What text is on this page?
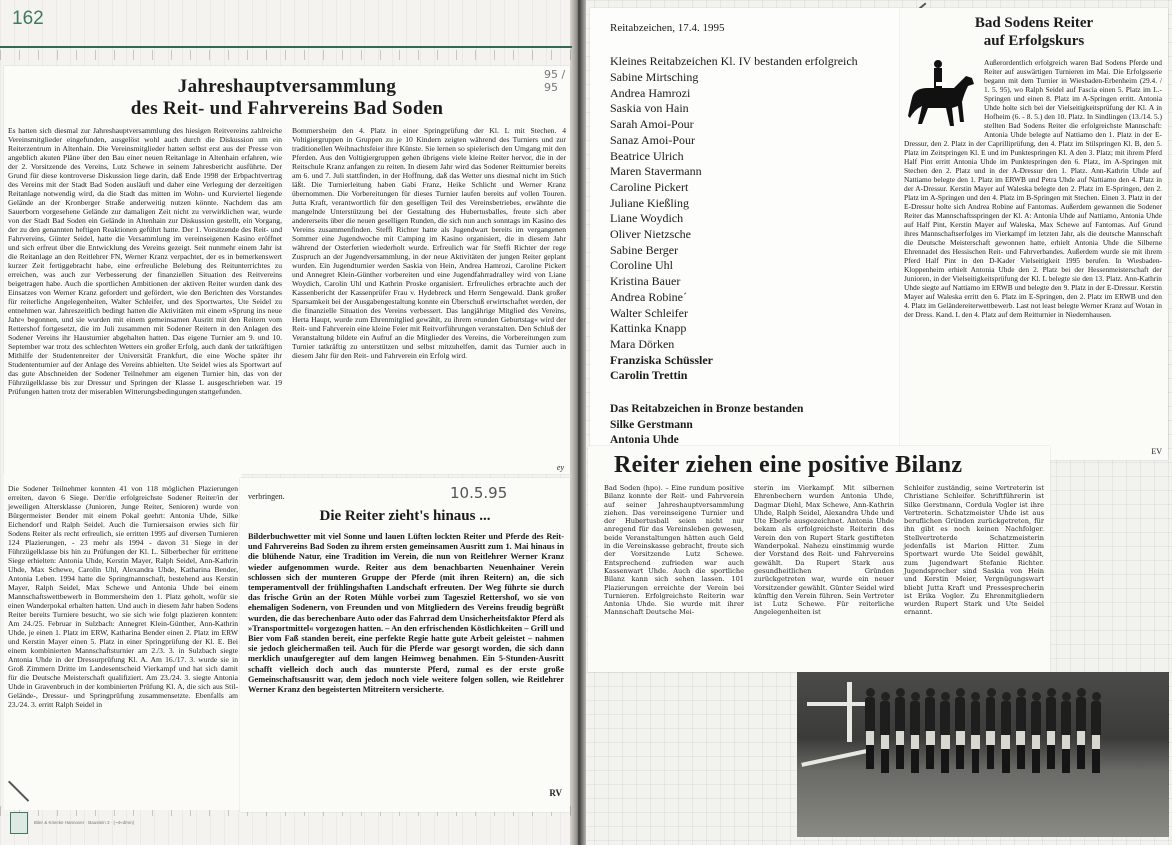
162
Jahreshauptversammlung
des Reit- und Fahrvereins Bad Soden
95 / 95

Es hatten sich diesmal zur Jahreshauptversammlung des hiesigen Reitvereins zahlreiche Vereinsmitglieder eingefunden, ausgelöst wohl auch durch die Diskussion um ein Reiterzentrum in Altenhain. Die Vereinsmitglieder hatten selbst erst aus der Presse von angeblich akuten Pläne über den Bau einer neuen Reitanlage in Altenhain erfahren, wie der 2. Vorsitzende des Vereins, Lutz Schewe in seinem Jahresbericht ausführte. Der Grund für diese kontroverse Diskussion liege darin, daß Ende 1998 der Erbpachtvertrag des Vereins mit der Stadt Bad Soden ausläuft und daher eine Verlegung der derzeitigen Reitanlage notwendig wird, da die Stadt das mitten im Wohn- und Kurviertel liegende Gelände an der Kronberger Straße anderweitig nutzen könnte. Nachdem das am Sauerborn vorgesehene Gelände zur damaligen Zeit nicht zu verwirklichen war, wurde von der Stadt Bad Soden ein Gelände in Altenhain zur Diskussion gestellt, ein Vorgang, der zu den genannten heftigen Reaktionen geführt hatte. Der 1. Vorsitzende des Reit- und Fahrvereins, Günter Seidel, hatte die Versammlung im vereinseigenen Kasino eröffnet und sich erfreut über die Entwicklung des Vereins gezeigt. Seit nunmehr einem Jahr ist die Reitanlage an den Reitlehrer FN, Werner Kranz verpachtet, der es in bemerkenswert kurzer Zeit fertiggebracht habe, eine erfreuliche Belebung des Reitunterrichtes zu erreichen, was auch zur Verbesserung der finanziellen Situation des Reitvereins beigetragen habe. Auch die sportlichen Ambitionen der aktiven Reiter wurden dank des Einsatzes von Werner Kranz gefordert und gefördert, wie den Berichten des Vorstandes für reiterliche Angelegenheiten, Walter Schleifer, und des Sportwartes, Ute Seidel zu entnehmen war. Jahreszeitlich bedingt hatten die Aktivitäten mit einem »Sprung ins neue Jahr« begonnen, und sie wurden mit einem gemeinsamen Ausritt mit den Reitern vom Rettershof fortgesetzt, die im Juli zusammen mit Sodener Reitern in den Anlagen des Sodener Vereins ihr Hausturnier abgehalten hatten. Das eigene Turnier am 9. und 10. September war trotz des schlechten Wetters ein großer Erfolg, auch dank der tatkräftigen Mithilfe der Studentenreiter der Universität Frankfurt, die eine Woche später ihr Studententurnier auf der Anlage des Vereins abhielten. Ute Seidel wies als Sportwart auf das gute Abschneiden der Sodener Teilnehmer am eigenen Turnier hin, das von der Führzügelklasse bis zur Dressur und Springen der Klasse L ausgeschrieben war. 19 Prüfungen hatten trotz der miserablen Witterungsbedingungen stattgefunden.

Bommersheim den 4. Platz in einer Springprüfung der Kl. L mit Stechen. 4 Voltigiergruppen in Gruppen zu je 10 Kindern zeigten während des Turniers und zur traditionellen Weihnachtsfeier ihre Künste. Sie lernen so spielerisch den Umgang mit den Pferden. Aus den Voltigiergruppen gehen übrigens viele kleine Reiter hervor, die in der Reitschule Kranz anfangen zu reiten. In diesem Jahr wird das Sodener Reitturnier bereits am 6. und 7. Juli stattfinden, in der Hoffnung, daß das Wetter uns diesmal nicht im Stich läßt. Die Turnierleitung haben Gabi Franz, Heike Schlicht und Werner Kranz übernommen. Die Vorbereitungen für dieses Turnier laufen bereits auf vollen Touren. Jutta Kraft, verantwortlich für den geselligen Teil des Vereinsbetriebes, erwähnte die mangelnde Unterstützung bei der Gestaltung des Hubertusballes, freute sich aber andererseits über die neuen geselligen Runden, die sich nun auch sonntags im Kasino des Vereins zusammenfinden. Steffi Richter hatte als Jugendwart bereits im vergangenen Sommer eine Jugendwoche mit Camping im Kasino organisiert, die in diesem Jahr während der Osterferien wiederholt wurde. Erfreulich war für Steffi Richter der rege Zuspruch an der Jugendversammlung, in der neue Aktivitäten der jungen Reiter geplant wurden. Ein Jugendturnier werden Saskia von Hein, Andrea Hamrozi, Caroline Pickert und Annegret Klein-Günther vorbereiten und eine Jugendfahrradralley wird von Liane Woydich, Carolin Uhl und Kathrin Proske organisiert. Erfreuliches erbrachte auch der Kassenbericht der Kassenprüfer Frau v. Hydebreck und Herrn Sengewald. Dank großer Sparsamkeit bei der Ausgabengestaltung konnte ein Überschuß erwirtschaftet werden, der die finanzielle Situation des Vereins verbessert. Das langjährige Mitglied des Vereins, Herta Haupt, wurde zum Ehrenmitglied gewählt, zu ihrem »runden Geburtstag« wird der Reit- und Fahrverein eine kleine Feier mit Reitvorführungen veranstalten. Den Schluß der Veranstaltung bildete ein Aufruf an die Mitglieder des Vereins, die Vorbereitungen zum Turnier tatkräftig zu unterstützen und selbst mitzuhelfen, damit das Turnier auch in diesem Jahr für den Reit- und Fahrverein ein Erfolg wird.

ey

Die Sodener Teilnehmer konnten 41 von 118 möglichen Plazierungen erreiten, davon 6 Siege. Der/die erfolgreichste Sodener Reiter/in der jeweiligen Altersklasse (Junioren, Junge Reiter, Senioren) wurde von Bürgermeister Bender mit einem Pokal geehrt: Antonia Uhde, Silke Eichendorf und Ralph Seidel. Auch die Turniersaison erwies sich für Sodens Reiter als recht erfreulich, sie erritten 1995 auf diversen Turnieren 124 Plazierungen, - 23 mehr als 1994 - davon 31 Siege in der Führzügelklasse bis hin zu Prüfungen der Kl. L. Silberbecher für errittene Siege erhielten: Antonia Uhde, Kerstin Mayer, Ralph Seidel, Ann-Kathrin Uhde, Max Schewe, Carolin Uhl, Alexandra Uhde, Katharina Bender, Antonia Leben. 1994 hatte die Springmannschaft, bestehend aus Kerstin Mayer, Ralph Seidel, Max Schewe und Antonia Uhde bei einem Mannschaftswettbewerb in Bommersheim den 1. Platz geholt, wofür sie einen Wanderpokal erhalten hatten. Und auch in diesem Jahr haben Sodens Reiter bereits Turniere besucht, wo sie sich wie folgt plazieren konnten: Am 24./25. Februar in Sulzbach: Annegret Klein-Günther, Ann-Kathrin Uhde, je einen 1. Platz im ERW, Katharina Bender einen 2. Platz im ERW und Kerstin Mayer einen 5. Platz in einer Springprüfung der Kl. E. Bei einem kombinierten Mannschaftsturnier am 2./3. 3. in Sulzbach siegte Antonia Uhde in der Dressurprüfung Kl. A. Am 16./17. 3. wurde sie in Groß Zimmern Dritte im Landesentscheid Vierkampf und hat sich damit für die Deutsche Meisterschaft qualifiziert. Am 23./24. 3. siegte Antonia Uhde in Gravenbruch in der kombinierten Prüfung Kl. A, die sich aus Stil-Gelände-, Dressur- und Springprüfung zusammensetzte. Ebenfalls am 23./24. 3. erritt Ralph Seidel in

verbringen.	10.5.95
Die Reiter zieht's hinaus ...

Bilderbuchwetter mit viel Sonne und lauen Lüften lockten Reiter und Pferde des Reit- und Fahrvereins Bad Soden zu ihrem ersten gemeinsamen Ausritt zum 1. Mai hinaus in die blühende Natur, eine Tradition im Verein, die nun von Reitlehrer Werner Kranz wieder aufgenommen wurde. Reiter aus dem benachbarten Neuenhainer Verein schlossen sich der munteren Gruppe der Pferde (mit ihren Reitern) an, die sich temperamentvoll der frühlingshaften Landschaft erfreuten. Der Weg führte sie durch das frische Grün an der Roten Mühle vorbei zum Tagesziel Rettershof, wo sie von ehemaligen Sodenern, von Freunden und von Mitgliedern des Vereins freudig begrüßt wurden, die das berechenbare Auto oder das Fahrrad dem Unsicherheitsfaktor Pferd als »Transportmittel« vorgezogen hatten. – An den erfrischenden Köstlichkeiten – Grill und Bier vom Faß standen bereit, eine perfekte Regie hatte gute Arbeit geleistet – nahmen sie jedoch gleichermaßen teil. Auch für die Pferde war gesorgt worden, die sich dann merklich unaufgeregter auf dem langen Heimweg benahmen. Ein 5-Stunden-Ausritt schafft vielleich doch auch das munterste Pferd, zumal es der erste große Gemeinschaftsausritt war, dem jedoch noch viele weitere folgen sollen, wie Reitlehrer Werner Kranz den begeisterten Mitreitern versicherte.

RV
Reitabzeichen, 17.4. 1995
Kleines Reitabzeichen Kl. IV bestanden erfolgreich
Sabine Mirtsching
Andrea Hamrozi
Saskia von Hain
Sarah Amoi-Pour
Sanaz Amoi-Pour
Beatrice Ulrich
Maren Stavermann
Caroline Pickert
Juliane Kießling
Liane Woydich
Oliver Nietzsche
Sabine Berger
Coroline Uhl
Kristina Bauer
Andrea Robine´
Walter Schleifer
Kattinka Knapp
Mara Dörken
Franziska Schüssler
Carolin Trettin
Das Reitabzeichen in Bronze bestanden
Silke Gerstmann
Antonia Uhde
Bad Sodens Reiter
auf Erfolgskurs
Außerordentlich erfolgreich waren Bad Sodens Pferde und Reiter auf auswärtigen Turnieren im Mai. Die Erfolgsserie begann mit dem Turnier in Wiesbaden-Erbenheim (29.4. / 1. 5. 95), wo Ralph Seidel auf Fascia einen 5. Platz im L.-Springen und einen 8. Platz im A-Springen erritt. Antonia Uhde holte sich bei der Vielseitigkeitsprüfung der Kl. A in Hofheim (6. - 8. 5.) den 10. Platz. In Sindlingen (13./14. 5.) stellten Bad Sodens Reiter die erfolgreichste Mannschaft: Antonia Uhde belegte auf Nattiamo den 1. Platz in der E-Dressur, den 2. Platz in der Caprilliprüfung, den 4. Platz im Stilspringen Kl. B, den 5. Platz im Zeitspringen Kl. E und im Punktespringen Kl. A den 3. Platz; mit ihrem Pferd Half Pint erritt Antonia Uhde im Punktespringen den 6. Platz, im A-Springen mit Stechen den 2. Platz und in der A-Dressur den 1. Platz. Ann-Kathrin Uhde auf Nattiamo belegte den 1. Platz im ERWB und Petra Uhde auf Nattiamo den 4. Platz in der A-Dressur. Kerstin Mayer auf Waleska belegte den 2. Platz im E-Springen, den 2. Platz im A-Springen und den 4. Platz im B-Springen mit Stechen. Einen 3. Platz in der E-Dressur holte sich Andrea Robine auf Fantomas. Außerdem gewannen die Sodener Reiter das Mannschaftsspringen der Kl. A: Antonia Uhde auf Nattiamo, Antonia Uhde auf Half Pint, Kerstin Mayer auf Waleska, Max Schewe auf Fantomas. Auf Grund ihres Mannschaftserfolges im Vierkampf im letzten Jahr, als die deutsche Mannschaft die Deutsche Meisterschaft gewonnen hatte, erhielt Antonia Uhde die Silberne Ehrennadel des Hessischen Reit- und Fahrverbandes. Außerdem wurde sie mit ihrem Pferd Half Pint in den D-Kader Vielseitigkeit 1995 berufen. In Wiesbaden-Kloppenheim erhielt Antonia Uhde den 2. Platz bei der Hessenmeisterschaft der Junioren, in der Vielseitigkeitsprüfung der Kl. L belegte sie den 13. Platz. Ann-Kathrin Uhde siegte auf Nattiamo im ERWB und belegte den 9. Platz in der E-Dressur. Kerstin Mayer auf Waleska erritt den 6. Platz im E-Springen, den 2. Platz im ERWB und den 4. Platz im Geländereiterwettbewerb. Last not least belegte Werner Kranz auf Wotan in der Dress. Kand. L den 4. Platz auf dem Reitturnier in Niedernhausen.
EV
Reiter ziehen eine positive Bilanz

Bad Soden (hpo). – Eine rundum positive Bilanz konnte der Reit- und Fahrverein auf seiner Jahreshauptversammlung ziehen. Das vereinseigene Turnier und der Hubertusball seien nicht nur anregend für das Vereinsleben gewesen, beide Veranstaltungen hätten auch Geld in die Vereinskasse gebracht, freute sich der Vorsitzende Lutz Schewe. Entsprechend zufrieden war auch Kassenwart Uhde. Auch die sportliche Bilanz kann sich sehen lassen. 101 Plazierungen erreichte der Verein bei Turnieren. Erfolgreichste Reiterin war Antonia Uhde. Sie wurde mit ihrer Mannschaft Deutsche Mei-

sterin im Vierkampf. Mit silbernen Ehrenbechern wurden Antonia Uhde, Dagmar Diehl, Max Schewe, Ann-Kathrin Uhde, Ralph Seidel, Alexandra Uhde und Ute Eberle ausgezeichnet. Antonia Uhde bekam als erfolgreichste Reiterin des Verein den von Rupert Stark gestifteten Wanderpokal. Nahezu einstimmig wurde der Vorstand des Reit- und Fahrvereins gewählt. Da Rupert Stark aus gesundheitlichen Gründen zurückgetreten war, wurde ein neuer Vorsitzender gewählt. Günter Seidel wird künftig den Verein führen. Sein Vertreter ist Lutz Schewe. Für reiterliche Angelegenheiten ist

Schleifer zuständig, seine Vertreterin ist Christiane Schleifer. Schriftführerin ist Silke Gerstmann, Cordula Vogler ist ihre Vertreterin. Schatzmeister Uhde ist aus beruflichen Gründen zurückgetreten, für ihn gibt es noch keinen Nachfolger. Stellvertreterde Schatzmeisterin jedenfalls ist Marion Hitter. Zum Sportwart wurde Ute Seidel gewählt, zum Jugendwart Stefanie Richter. Jugendsprecher sind Saskia von Hein und Kerstin Meier, Vergnügungswart bliebt Jutta Kraft und Pressesprecherin ist Erika Vogler. Zu Ehrenmitgliedern wurden Rupert Stark und Ute Seidel ernannt.

Biler & Kriecke Hannover · Baustein 3 · (~4«dmm)
